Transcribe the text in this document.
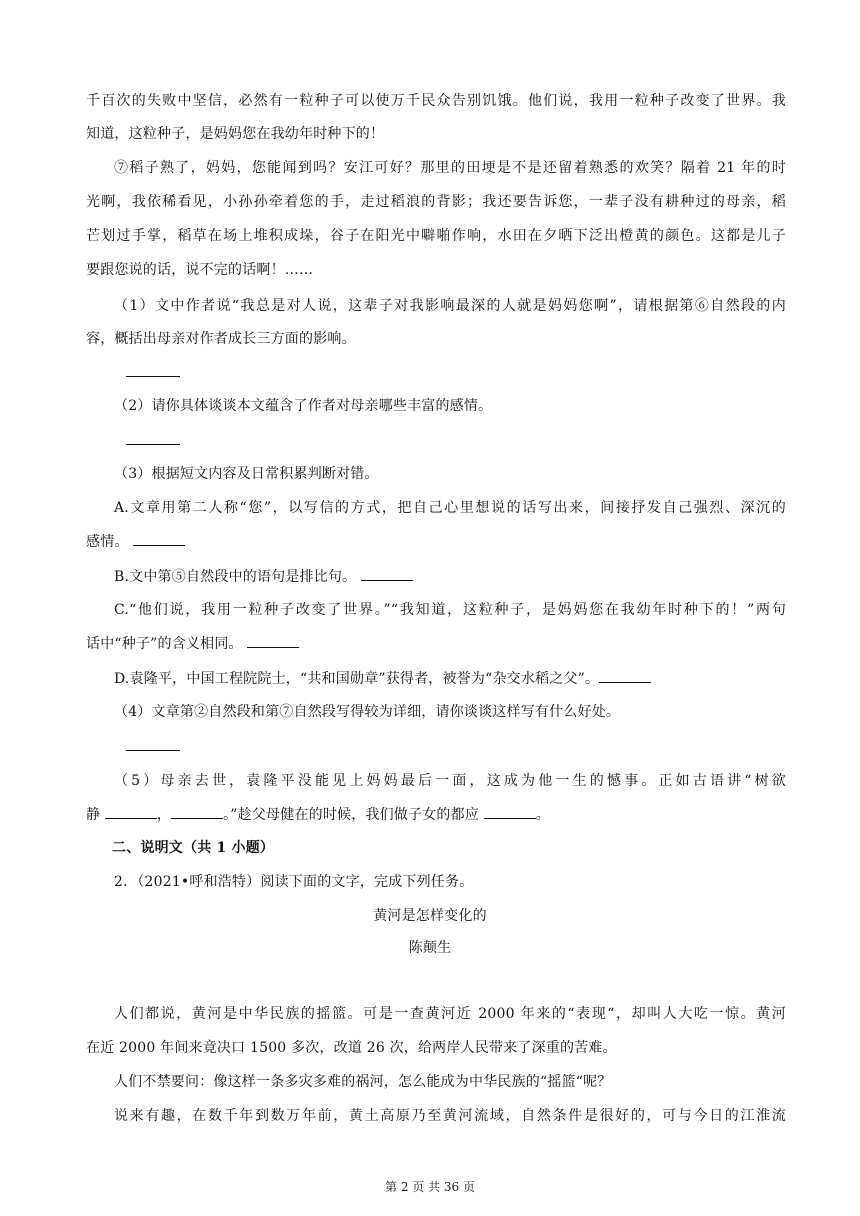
千百次的失败中坚信，必然有一粒种子可以使万千民众告别饥饿。他们说，我用一粒种子改变了世界。我
知道，这粒种子，是妈妈您在我幼年时种下的！
⑦稻子熟了，妈妈，您能闻到吗？安江可好？那里的田埂是不是还留着熟悉的欢笑？隔着 21 年的时
光啊，我依稀看见，小孙孙牵着您的手，走过稻浪的背影；我还要告诉您，一辈子没有耕种过的母亲，稻
芒划过手掌，稻草在场上堆积成垛，谷子在阳光中噼啪作响，水田在夕晒下泛出橙黄的颜色。这都是儿子
要跟您说的话，说不完的话啊！……
（1）文中作者说“我总是对人说，这辈子对我影响最深的人就是妈妈您啊”，请根据第⑥自然段的内
容，概括出母亲对作者成长三方面的影响。
（2）请你具体谈谈本文蕴含了作者对母亲哪些丰富的感情。
（3）根据短文内容及日常积累判断对错。
A.文章用第二人称“您”，以写信的方式，把自己心里想说的话写出来，间接抒发自己强烈、深沉的
感情。
B.文中第⑤自然段中的语句是排比句。
C.“他们说，我用一粒种子改变了世界。”“我知道，这粒种子，是妈妈您在我幼年时种下的！”两句
话中“种子”的含义相同。
D.袁隆平，中国工程院院士，“共和国勋章”获得者，被誉为“杂交水稻之父”。
（4）文章第②自然段和第⑦自然段写得较为详细，请你谈谈这样写有什么好处。
（5）母亲去世，袁隆平没能见上妈妈最后一面，这成为他一生的憾事。正如古语讲“树欲
静	，	。”趁父母健在的时候，我们做子女的都应	。
二、说明文（共 1 小题）
2．（2021•呼和浩特）阅读下面的文字，完成下列任务。
黄河是怎样变化的
陈颠生
人们都说，黄河是中华民族的摇篮。可是一查黄河近 2000 年来的“表现“，却叫人大吃一惊。黄河
在近 2000 年间来竟决口 1500 多次，改道 26 次，给两岸人民带来了深重的苦难。
人们不禁要问：像这样一条多灾多难的祸河，怎么能成为中华民族的“摇篮“呢？
说来有趣，在数千年到数万年前，黄土高原乃至黄河流域，自然条件是很好的，可与今日的江淮流
第 2 页 共 36 页
